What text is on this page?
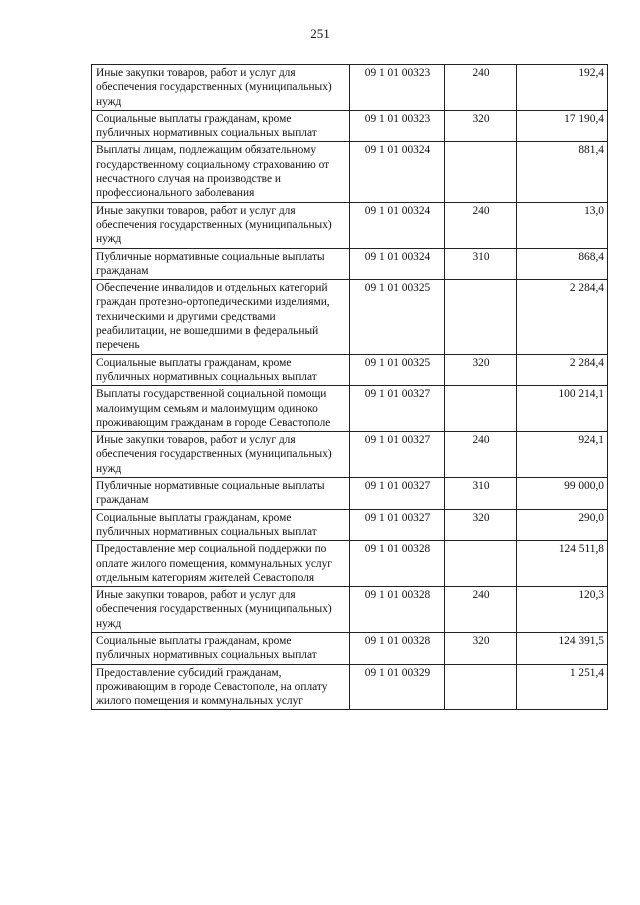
251
Иные закупки товаров, работ и услуг для обеспечения государственных (муниципальных) нужд	09 1 01 00323	240	192,4
Социальные выплаты гражданам, кроме публичных нормативных социальных выплат	09 1 01 00323	320	17 190,4
Выплаты лицам, подлежащим обязательному государственному социальному страхованию от несчастного случая на производстве и профессионального заболевания	09 1 01 00324		881,4
Иные закупки товаров, работ и услуг для обеспечения государственных (муниципальных) нужд	09 1 01 00324	240	13,0
Публичные нормативные социальные выплаты гражданам	09 1 01 00324	310	868,4
Обеспечение инвалидов и отдельных категорий граждан протезно-ортопедическими изделиями, техническими и другими средствами реабилитации, не вошедшими в федеральный перечень	09 1 01 00325		2 284,4
Социальные выплаты гражданам, кроме публичных нормативных социальных выплат	09 1 01 00325	320	2 284,4
Выплаты государственной социальной помощи малоимущим семьям и малоимущим одиноко проживающим гражданам в городе Севастополе	09 1 01 00327		100 214,1
Иные закупки товаров, работ и услуг для обеспечения государственных (муниципальных) нужд	09 1 01 00327	240	924,1
Публичные нормативные социальные выплаты гражданам	09 1 01 00327	310	99 000,0
Социальные выплаты гражданам, кроме публичных нормативных социальных выплат	09 1 01 00327	320	290,0
Предоставление мер социальной поддержки по оплате жилого помещения, коммунальных услуг отдельным категориям жителей Севастополя	09 1 01 00328		124 511,8
Иные закупки товаров, работ и услуг для обеспечения государственных (муниципальных) нужд	09 1 01 00328	240	120,3
Социальные выплаты гражданам, кроме публичных нормативных социальных выплат	09 1 01 00328	320	124 391,5
Предоставление субсидий гражданам, проживающим в городе Севастополе, на оплату жилого помещения и коммунальных услуг	09 1 01 00329		1 251,4
